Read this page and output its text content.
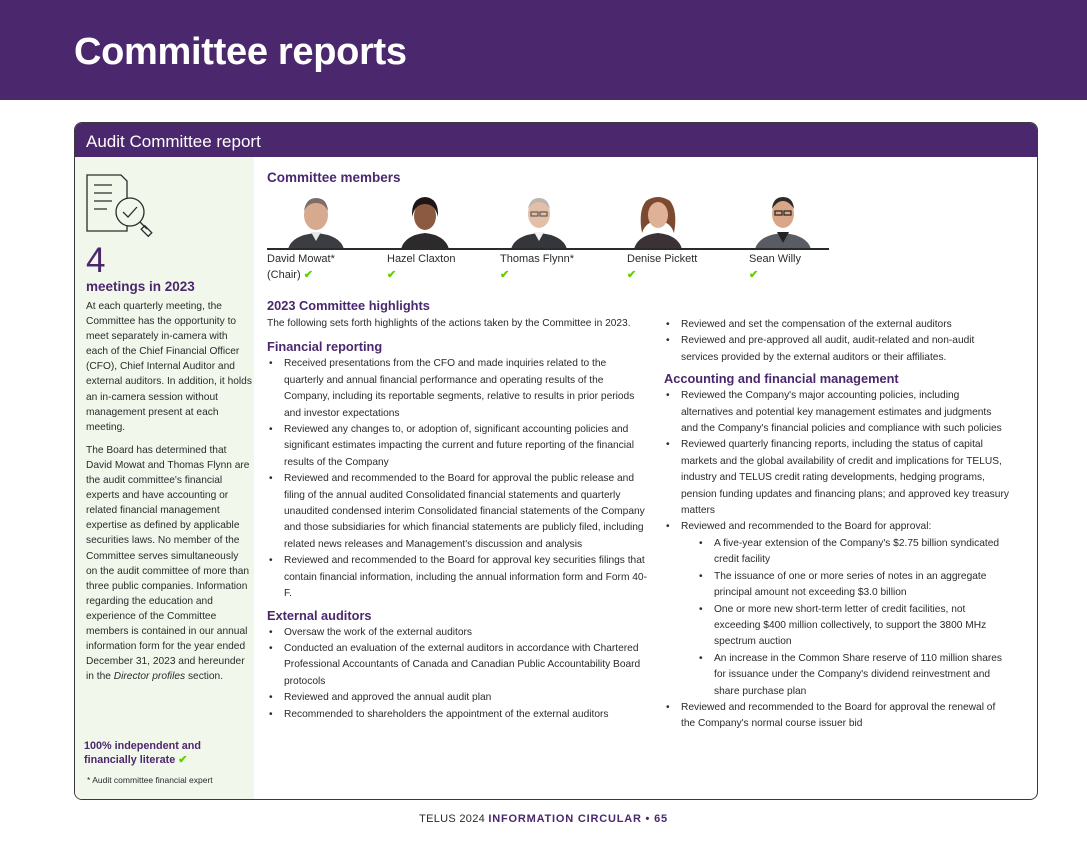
Committee reports
Audit Committee report
4
meetings in 2023

At each quarterly meeting, the Committee has the opportunity to meet separately in-camera with each of the Chief Financial Officer (CFO), Chief Internal Auditor and external auditors. In addition, it holds an in-camera session without management present at each meeting.

The Board has determined that David Mowat and Thomas Flynn are the audit committee's financial experts and have accounting or related financial management expertise as defined by applicable securities laws. No member of the Committee serves simultaneously on the audit committee of more than three public companies. Information regarding the education and experience of the Committee members is contained in our annual information form for the year ended December 31, 2023 and hereunder in the Director profiles section.

100% independent and financially literate ✔
* Audit committee financial expert
Committee members
David Mowat*
(Chair) ✔
Hazel Claxton
✔
Thomas Flynn*
✔
Denise Pickett
✔
Sean Willy
✔
2023 Committee highlights

The following sets forth highlights of the actions taken by the Committee in 2023.

Financial reporting
• Received presentations from the CFO and made inquiries related to the quarterly and annual financial performance and operating results of the Company, including its reportable segments, relative to results in prior periods and investor expectations
• Reviewed any changes to, or adoption of, significant accounting policies and significant estimates impacting the current and future reporting of the financial results of the Company
• Reviewed and recommended to the Board for approval the public release and filing of the annual audited Consolidated financial statements and quarterly unaudited condensed interim Consolidated financial statements of the Company and those subsidiaries for which financial statements are publicly filed, including related news releases and Management's discussion and analysis
• Reviewed and recommended to the Board for approval key securities filings that contain financial information, including the annual information form and Form 40-F.
External auditors
• Oversaw the work of the external auditors
• Conducted an evaluation of the external auditors in accordance with Chartered Professional Accountants of Canada and Canadian Public Accountability Board protocols
• Reviewed and approved the annual audit plan
• Recommended to shareholders the appointment of the external auditors
• Reviewed and set the compensation of the external auditors
• Reviewed and pre-approved all audit, audit-related and non-audit services provided by the external auditors or their affiliates.
Accounting and financial management
• Reviewed the Company's major accounting policies, including alternatives and potential key management estimates and judgments and the Company's financial policies and compliance with such policies
• Reviewed quarterly financing reports, including the status of capital markets and the global availability of credit and implications for TELUS, industry and TELUS credit rating developments, hedging programs, pension funding updates and financing plans; and approved key treasury matters
• Reviewed and recommended to the Board for approval:
• A five-year extension of the Company's $2.75 billion syndicated credit facility
• The issuance of one or more series of notes in an aggregate principal amount not exceeding $3.0 billion
• One or more new short-term letter of credit facilities, not exceeding $400 million collectively, to support the 3800 MHz spectrum auction
• An increase in the Common Share reserve of 110 million shares for issuance under the Company's dividend reinvestment and share purchase plan
• Reviewed and recommended to the Board for approval the renewal of the Company's normal course issuer bid
TELUS 2024 INFORMATION CIRCULAR • 65
